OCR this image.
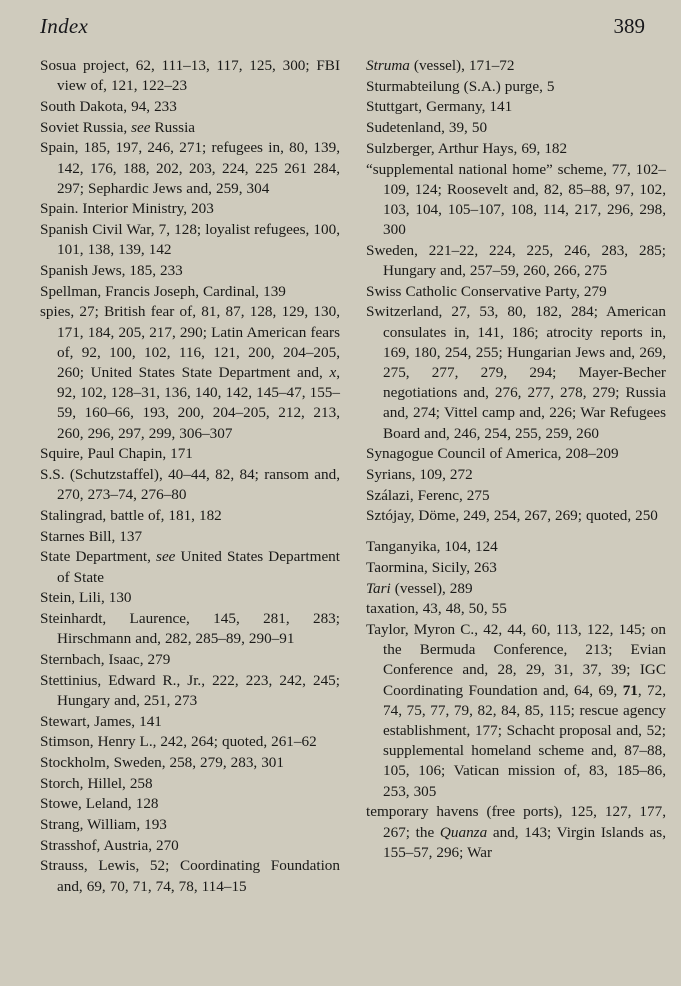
Index	389
Sosua project, 62, 111–13, 117, 125, 300; FBI view of, 121, 122–23
South Dakota, 94, 233
Soviet Russia, see Russia
Spain, 185, 197, 246, 271; refugees in, 80, 139, 142, 176, 188, 202, 203, 224, 225 261 284, 297; Sephardic Jews and, 259, 304
Spain. Interior Ministry, 203
Spanish Civil War, 7, 128; loyalist refugees, 100, 101, 138, 139, 142
Spanish Jews, 185, 233
Spellman, Francis Joseph, Cardinal, 139
spies, 27; British fear of, 81, 87, 128, 129, 130, 171, 184, 205, 217, 290; Latin American fears of, 92, 100, 102, 116, 121, 200, 204–205, 260; United States State Department and, x, 92, 102, 128–31, 136, 140, 142, 145–47, 155–59, 160–66, 193, 200, 204–205, 212, 213, 260, 296, 297, 299, 306–307
Squire, Paul Chapin, 171
S.S. (Schutzstaffel), 40–44, 82, 84; ransom and, 270, 273–74, 276–80
Stalingrad, battle of, 181, 182
Starnes Bill, 137
State Department, see United States Department of State
Stein, Lili, 130
Steinhardt, Laurence, 145, 281, 283; Hirschmann and, 282, 285–89, 290–91
Sternbach, Isaac, 279
Stettinius, Edward R., Jr., 222, 223, 242, 245; Hungary and, 251, 273
Stewart, James, 141
Stimson, Henry L., 242, 264; quoted, 261–62
Stockholm, Sweden, 258, 279, 283, 301
Storch, Hillel, 258
Stowe, Leland, 128
Strang, William, 193
Strasshof, Austria, 270
Strauss, Lewis, 52; Coordinating Foundation and, 69, 70, 71, 74, 78, 114–15
Struma (vessel), 171–72
Sturmabteilung (S.A.) purge, 5
Stuttgart, Germany, 141
Sudetenland, 39, 50
Sulzberger, Arthur Hays, 69, 182
“supplemental national home” scheme, 77, 102–109, 124; Roosevelt and, 82, 85–88, 97, 102, 103, 104, 105–107, 108, 114, 217, 296, 298, 300
Sweden, 221–22, 224, 225, 246, 283, 285; Hungary and, 257–59, 260, 266, 275
Swiss Catholic Conservative Party, 279
Switzerland, 27, 53, 80, 182, 284; American consulates in, 141, 186; atrocity reports in, 169, 180, 254, 255; Hungarian Jews and, 269, 275, 277, 279, 294; Mayer-Becher negotiations and, 276, 277, 278, 279; Russia and, 274; Vittel camp and, 226; War Refugees Board and, 246, 254, 255, 259, 260
Synagogue Council of America, 208–209
Syrians, 109, 272
Szálazi, Ferenc, 275
Sztójay, Döme, 249, 254, 267, 269; quoted, 250
Tanganyika, 104, 124
Taormina, Sicily, 263
Tari (vessel), 289
taxation, 43, 48, 50, 55
Taylor, Myron C., 42, 44, 60, 113, 122, 145; on the Bermuda Conference, 213; Evian Conference and, 28, 29, 31, 37, 39; IGC Coordinating Foundation and, 64, 69, 71, 72, 74, 75, 77, 79, 82, 84, 85, 115; rescue agency establishment, 177; Schacht proposal and, 52; supplemental homeland scheme and, 87–88, 105, 106; Vatican mission of, 83, 185–86, 253, 305
temporary havens (free ports), 125, 127, 177, 267; the Quanza and, 143; Virgin Islands as, 155–57, 296; War
